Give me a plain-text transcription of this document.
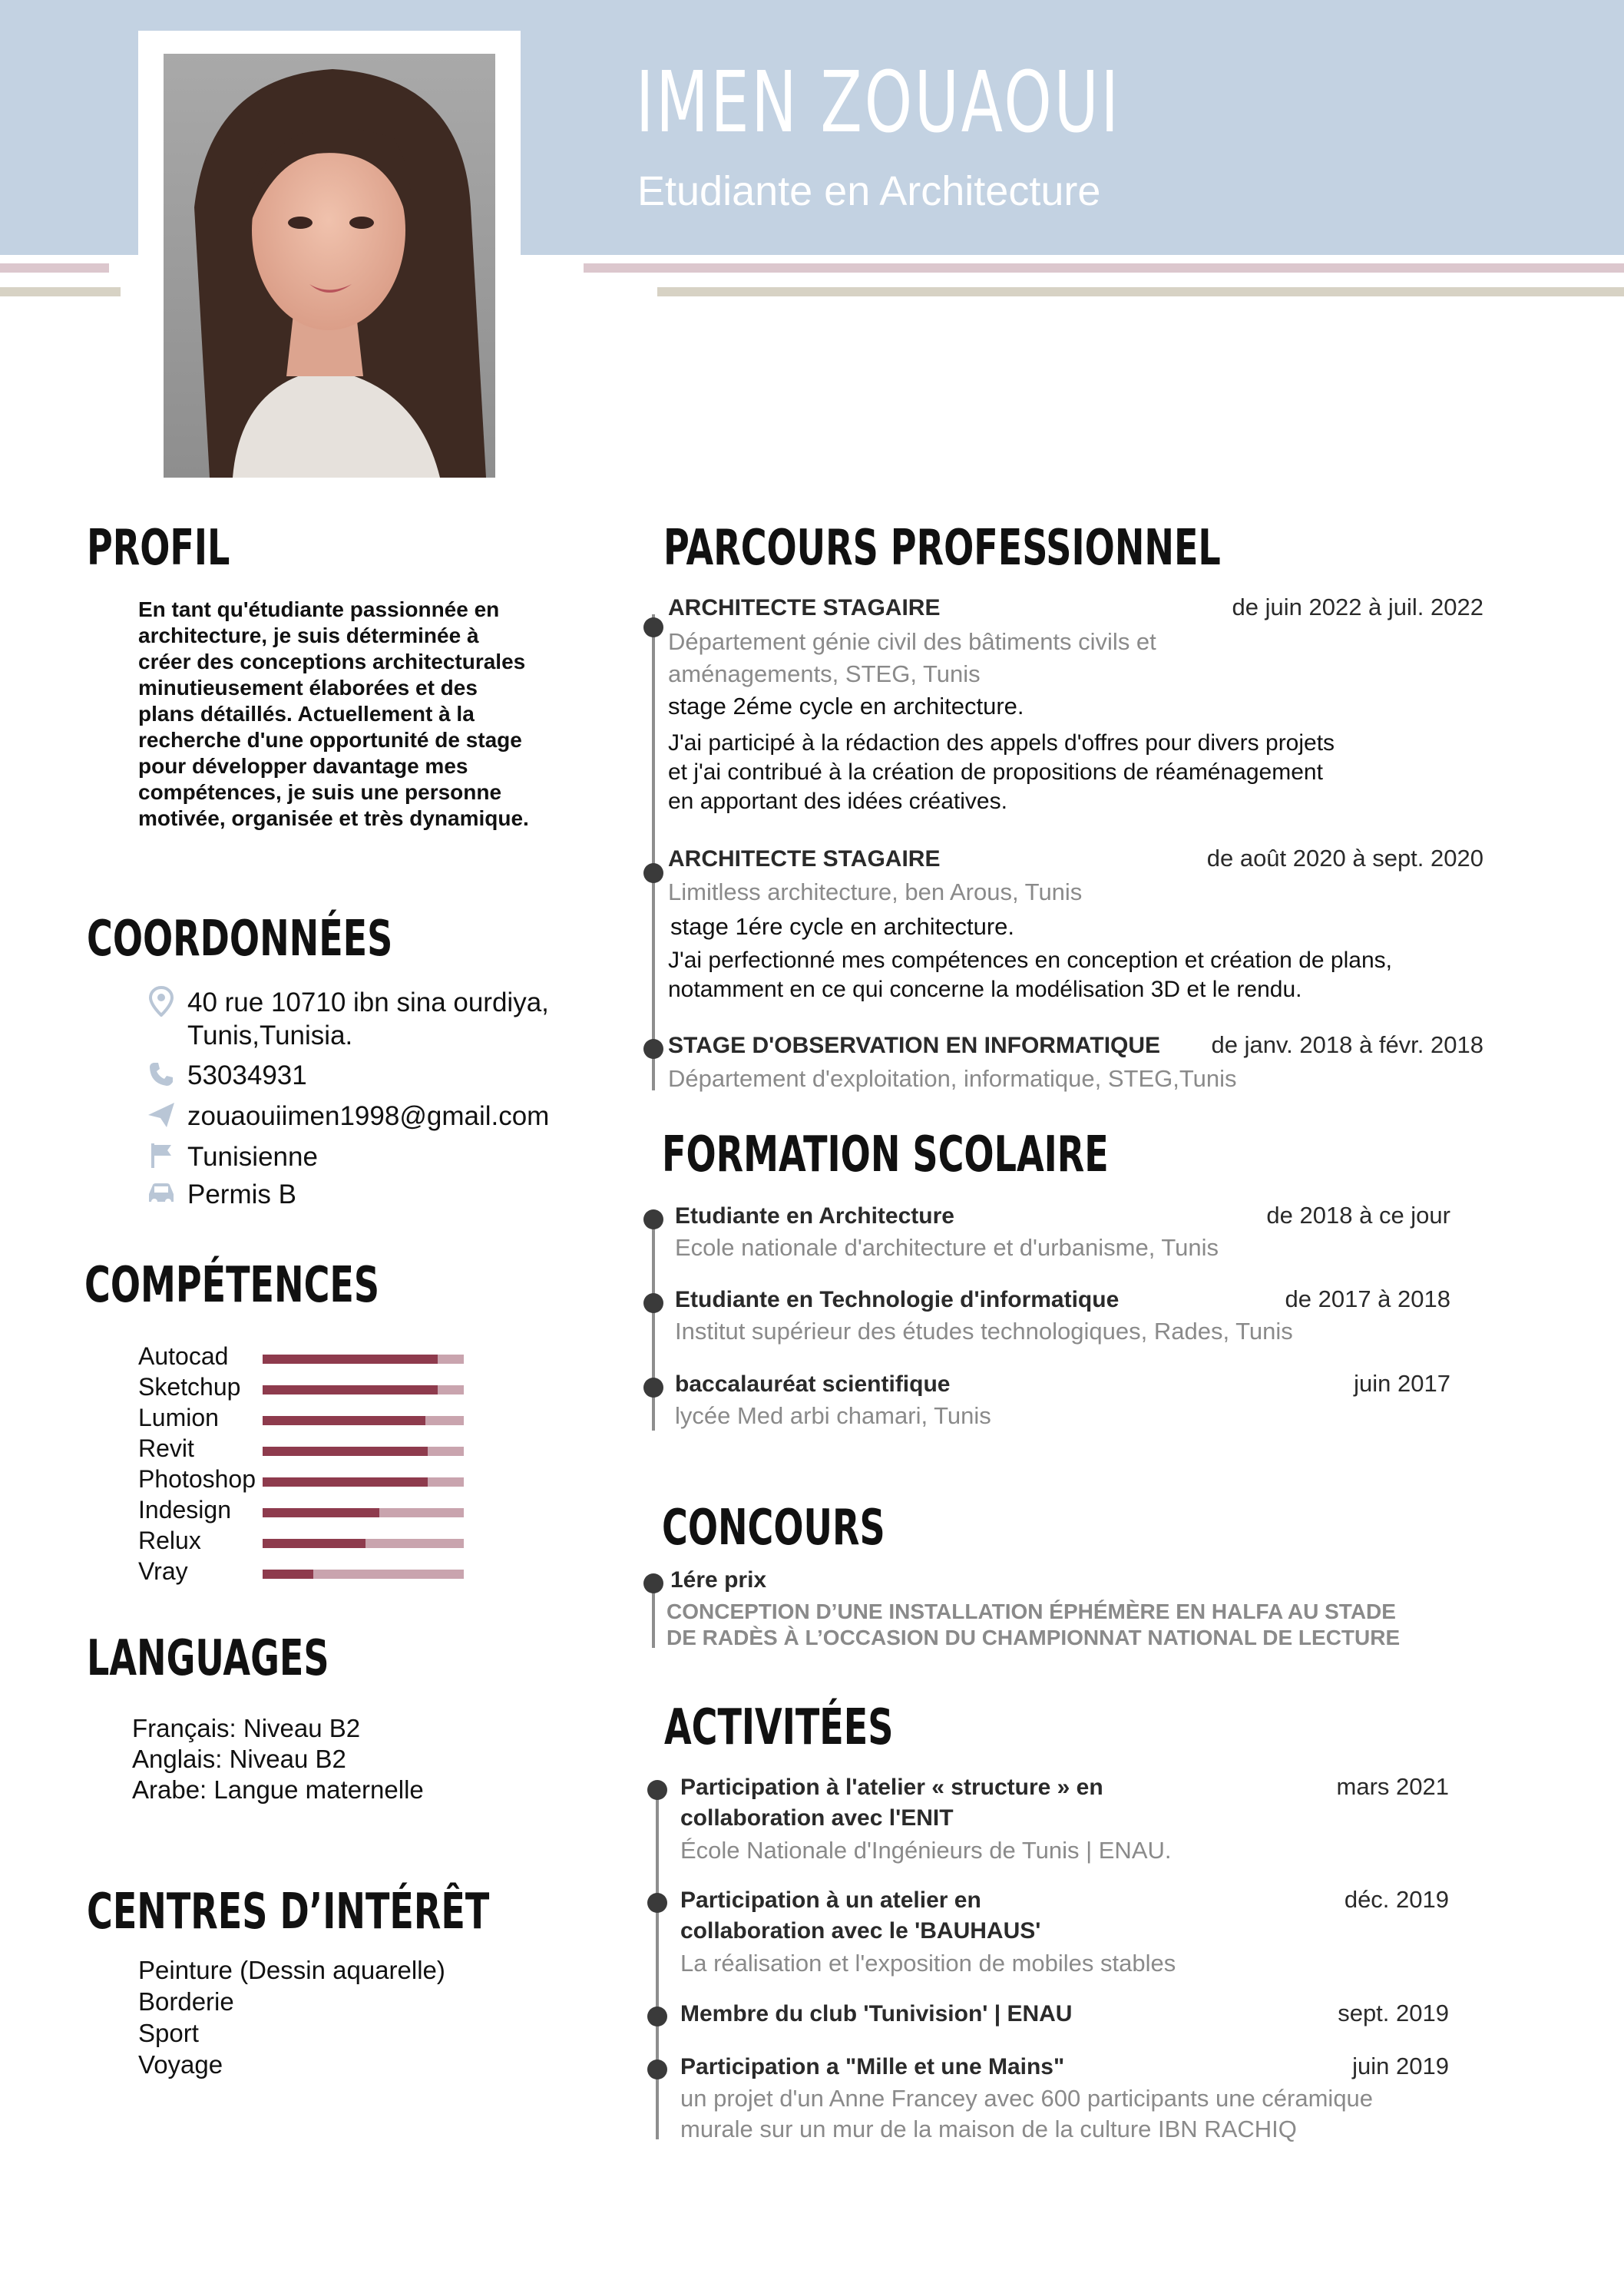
IMEN ZOUAOUI
Etudiante en Architecture
PROFIL
En tant qu'étudiante passionnée en architecture, je suis déterminée à créer des conceptions architecturales minutieusement élaborées et des plans détaillés. Actuellement à la recherche d'une opportunité de stage pour développer davantage mes compétences, je suis une personne motivée, organisée et très dynamique.
COORDONNÉES
40 rue 10710 ibn sina ourdiya,
Tunis,Tunisia.
53034931
zouaouiimen1998@gmail.com
Tunisienne
Permis B
COMPÉTENCES
Autocad
Sketchup
Lumion
Revit
Photoshop
Indesign
Relux
Vray
LANGUAGES
Français: Niveau B2
Anglais: Niveau B2
Arabe: Langue maternelle
CENTRES D’INTÉRÊT
Peinture (Dessin aquarelle)
Borderie
Sport
Voyage
PARCOURS PROFESSIONNEL
ARCHITECTE STAGAIRE	de juin 2022 à juil. 2022
Département génie civil des bâtiments civils et
aménagements, STEG, Tunis
stage 2éme cycle en architecture.
J'ai participé à la rédaction des appels d'offres pour divers projets
et j'ai contribué à la création de propositions de réaménagement
en apportant des idées créatives.
ARCHITECTE STAGAIRE	de août 2020 à sept. 2020
Limitless architecture, ben Arous, Tunis
stage 1ére cycle en architecture.
J'ai perfectionné mes compétences en conception et création de plans,
notamment en ce qui concerne la modélisation 3D et le rendu.
STAGE D'OBSERVATION EN INFORMATIQUE	de janv. 2018 à févr. 2018
Département d'exploitation, informatique, STEG,Tunis
FORMATION SCOLAIRE
Etudiante en Architecture	de 2018 à ce jour
Ecole nationale d'architecture et d'urbanisme, Tunis
Etudiante en Technologie d'informatique	de 2017 à 2018
Institut supérieur des études technologiques, Rades, Tunis
baccalauréat scientifique	juin 2017
lycée Med arbi chamari, Tunis
CONCOURS
1ére prix
CONCEPTION D’UNE INSTALLATION ÉPHÉMÈRE EN HALFA AU STADE
DE RADÈS À L’OCCASION DU CHAMPIONNAT NATIONAL DE LECTURE
ACTIVITÉES
Participation à l'atelier « structure » en
collaboration avec l'ENIT
mars 2021
École Nationale d'Ingénieurs de Tunis | ENAU.
Participation à un atelier en
collaboration avec le 'BAUHAUS'
déc. 2019
La réalisation et l'exposition de mobiles stables
Membre du club 'Tunivision' | ENAU	sept. 2019
Participation a "Mille et une Mains"	juin 2019
un projet d'un Anne Francey avec 600 participants une céramique
murale sur un mur de la maison de la culture IBN RACHIQ
